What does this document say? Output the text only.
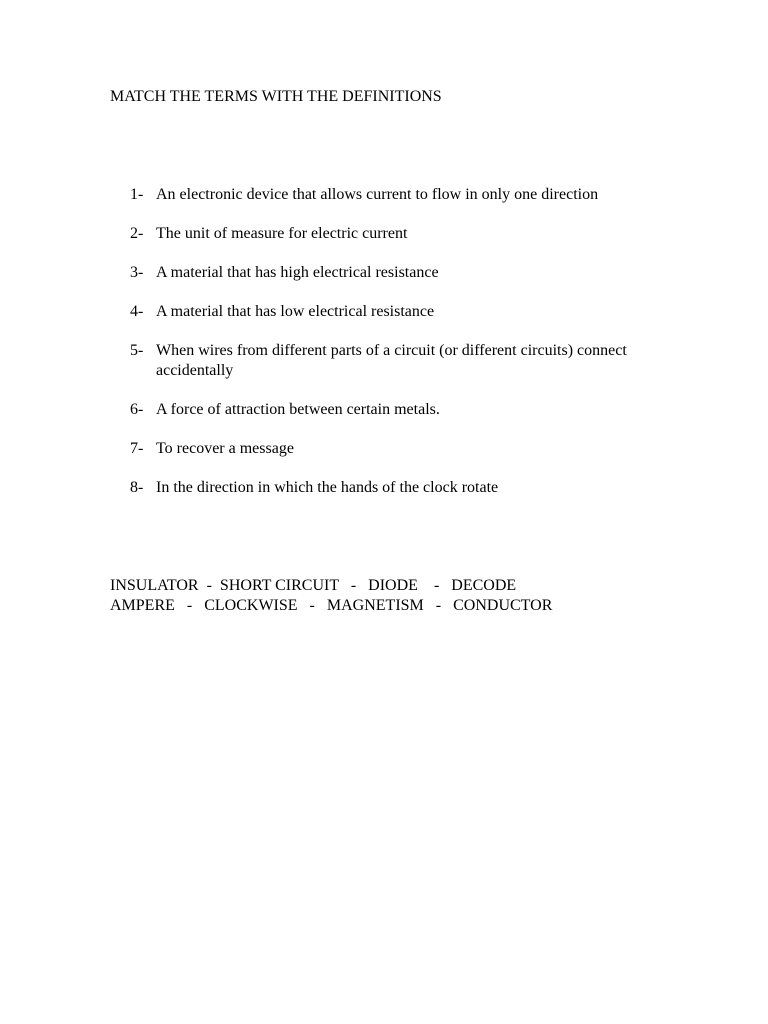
MATCH THE TERMS WITH THE DEFINITIONS
1- An electronic device that allows current to flow in only one direction
2- The unit of measure for electric current
3- A material that has high electrical resistance
4- A material that has low electrical resistance
5- When wires from different parts of a circuit (or different circuits) connect accidentally
6- A force of attraction between certain metals.
7- To recover a message
8- In the direction in which the hands of the clock rotate
INSULATOR  -  SHORT CIRCUIT   -   DIODE    -   DECODE
AMPERE   -   CLOCKWISE   -   MAGNETISM   -   CONDUCTOR
